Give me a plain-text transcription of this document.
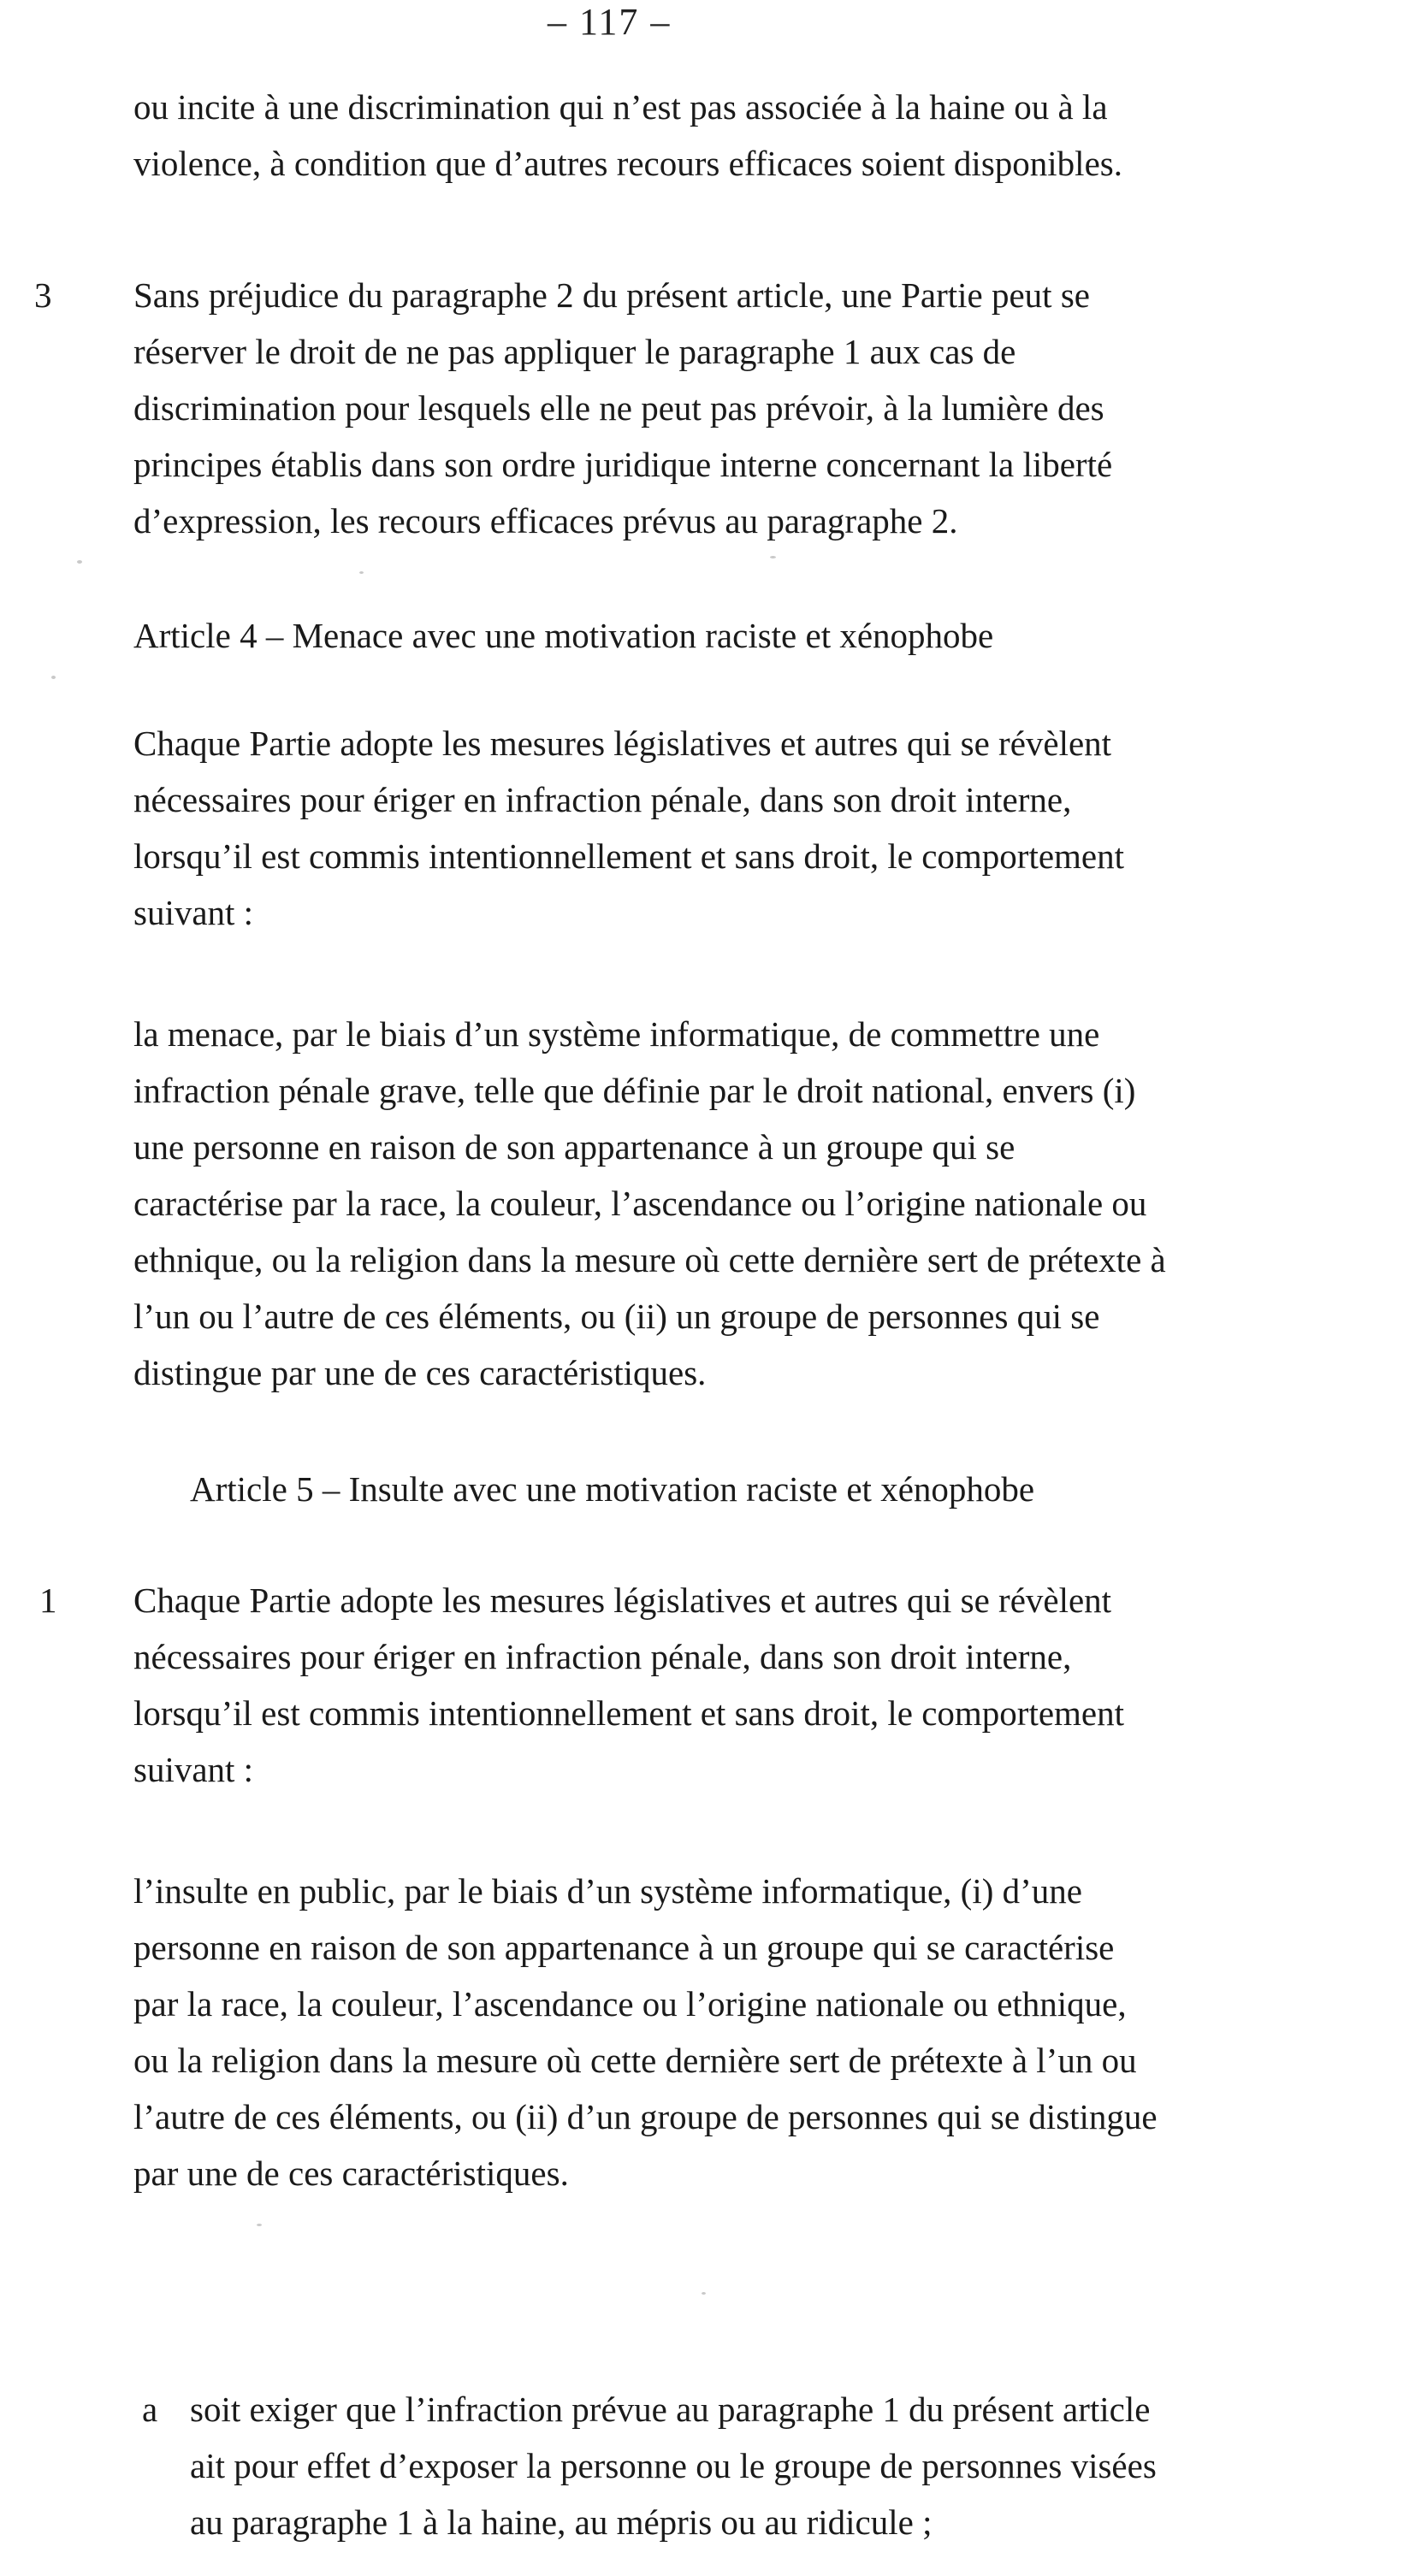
– 117 –
ou incite à une discrimination qui n’est pas associée à la haine ou à la
violence, à condition que d’autres recours efficaces soient disponibles.
3 Sans préjudice du paragraphe 2 du présent article, une Partie peut se
réserver le droit de ne pas appliquer le paragraphe 1 aux cas de
discrimination pour lesquels elle ne peut pas prévoir, à la lumière des
principes établis dans son ordre juridique interne concernant la liberté
d’expression, les recours efficaces prévus au paragraphe 2.
Article 4 – Menace avec une motivation raciste et xénophobe
Chaque Partie adopte les mesures législatives et autres qui se révèlent
nécessaires pour ériger en infraction pénale, dans son droit interne,
lorsqu’il est commis intentionnellement et sans droit, le comportement
suivant :
la menace, par le biais d’un système informatique, de commettre une
infraction pénale grave, telle que définie par le droit national, envers (i)
une personne en raison de son appartenance à un groupe qui se
caractérise par la race, la couleur, l’ascendance ou l’origine nationale ou
ethnique, ou la religion dans la mesure où cette dernière sert de prétexte à
l’un ou l’autre de ces éléments, ou (ii) un groupe de personnes qui se
distingue par une de ces caractéristiques.
Article 5 – Insulte avec une motivation raciste et xénophobe
1 Chaque Partie adopte les mesures législatives et autres qui se révèlent
nécessaires pour ériger en infraction pénale, dans son droit interne,
lorsqu’il est commis intentionnellement et sans droit, le comportement
suivant :
l’insulte en public, par le biais d’un système informatique, (i) d’une
personne en raison de son appartenance à un groupe qui se caractérise
par la race, la couleur, l’ascendance ou l’origine nationale ou ethnique,
ou la religion dans la mesure où cette dernière sert de prétexte à l’un ou
l’autre de ces éléments, ou (ii) d’un groupe de personnes qui se distingue
par une de ces caractéristiques.
a soit exiger que l’infraction prévue au paragraphe 1 du présent article
ait pour effet d’exposer la personne ou le groupe de personnes visées
au paragraphe 1 à la haine, au mépris ou au ridicule ;
